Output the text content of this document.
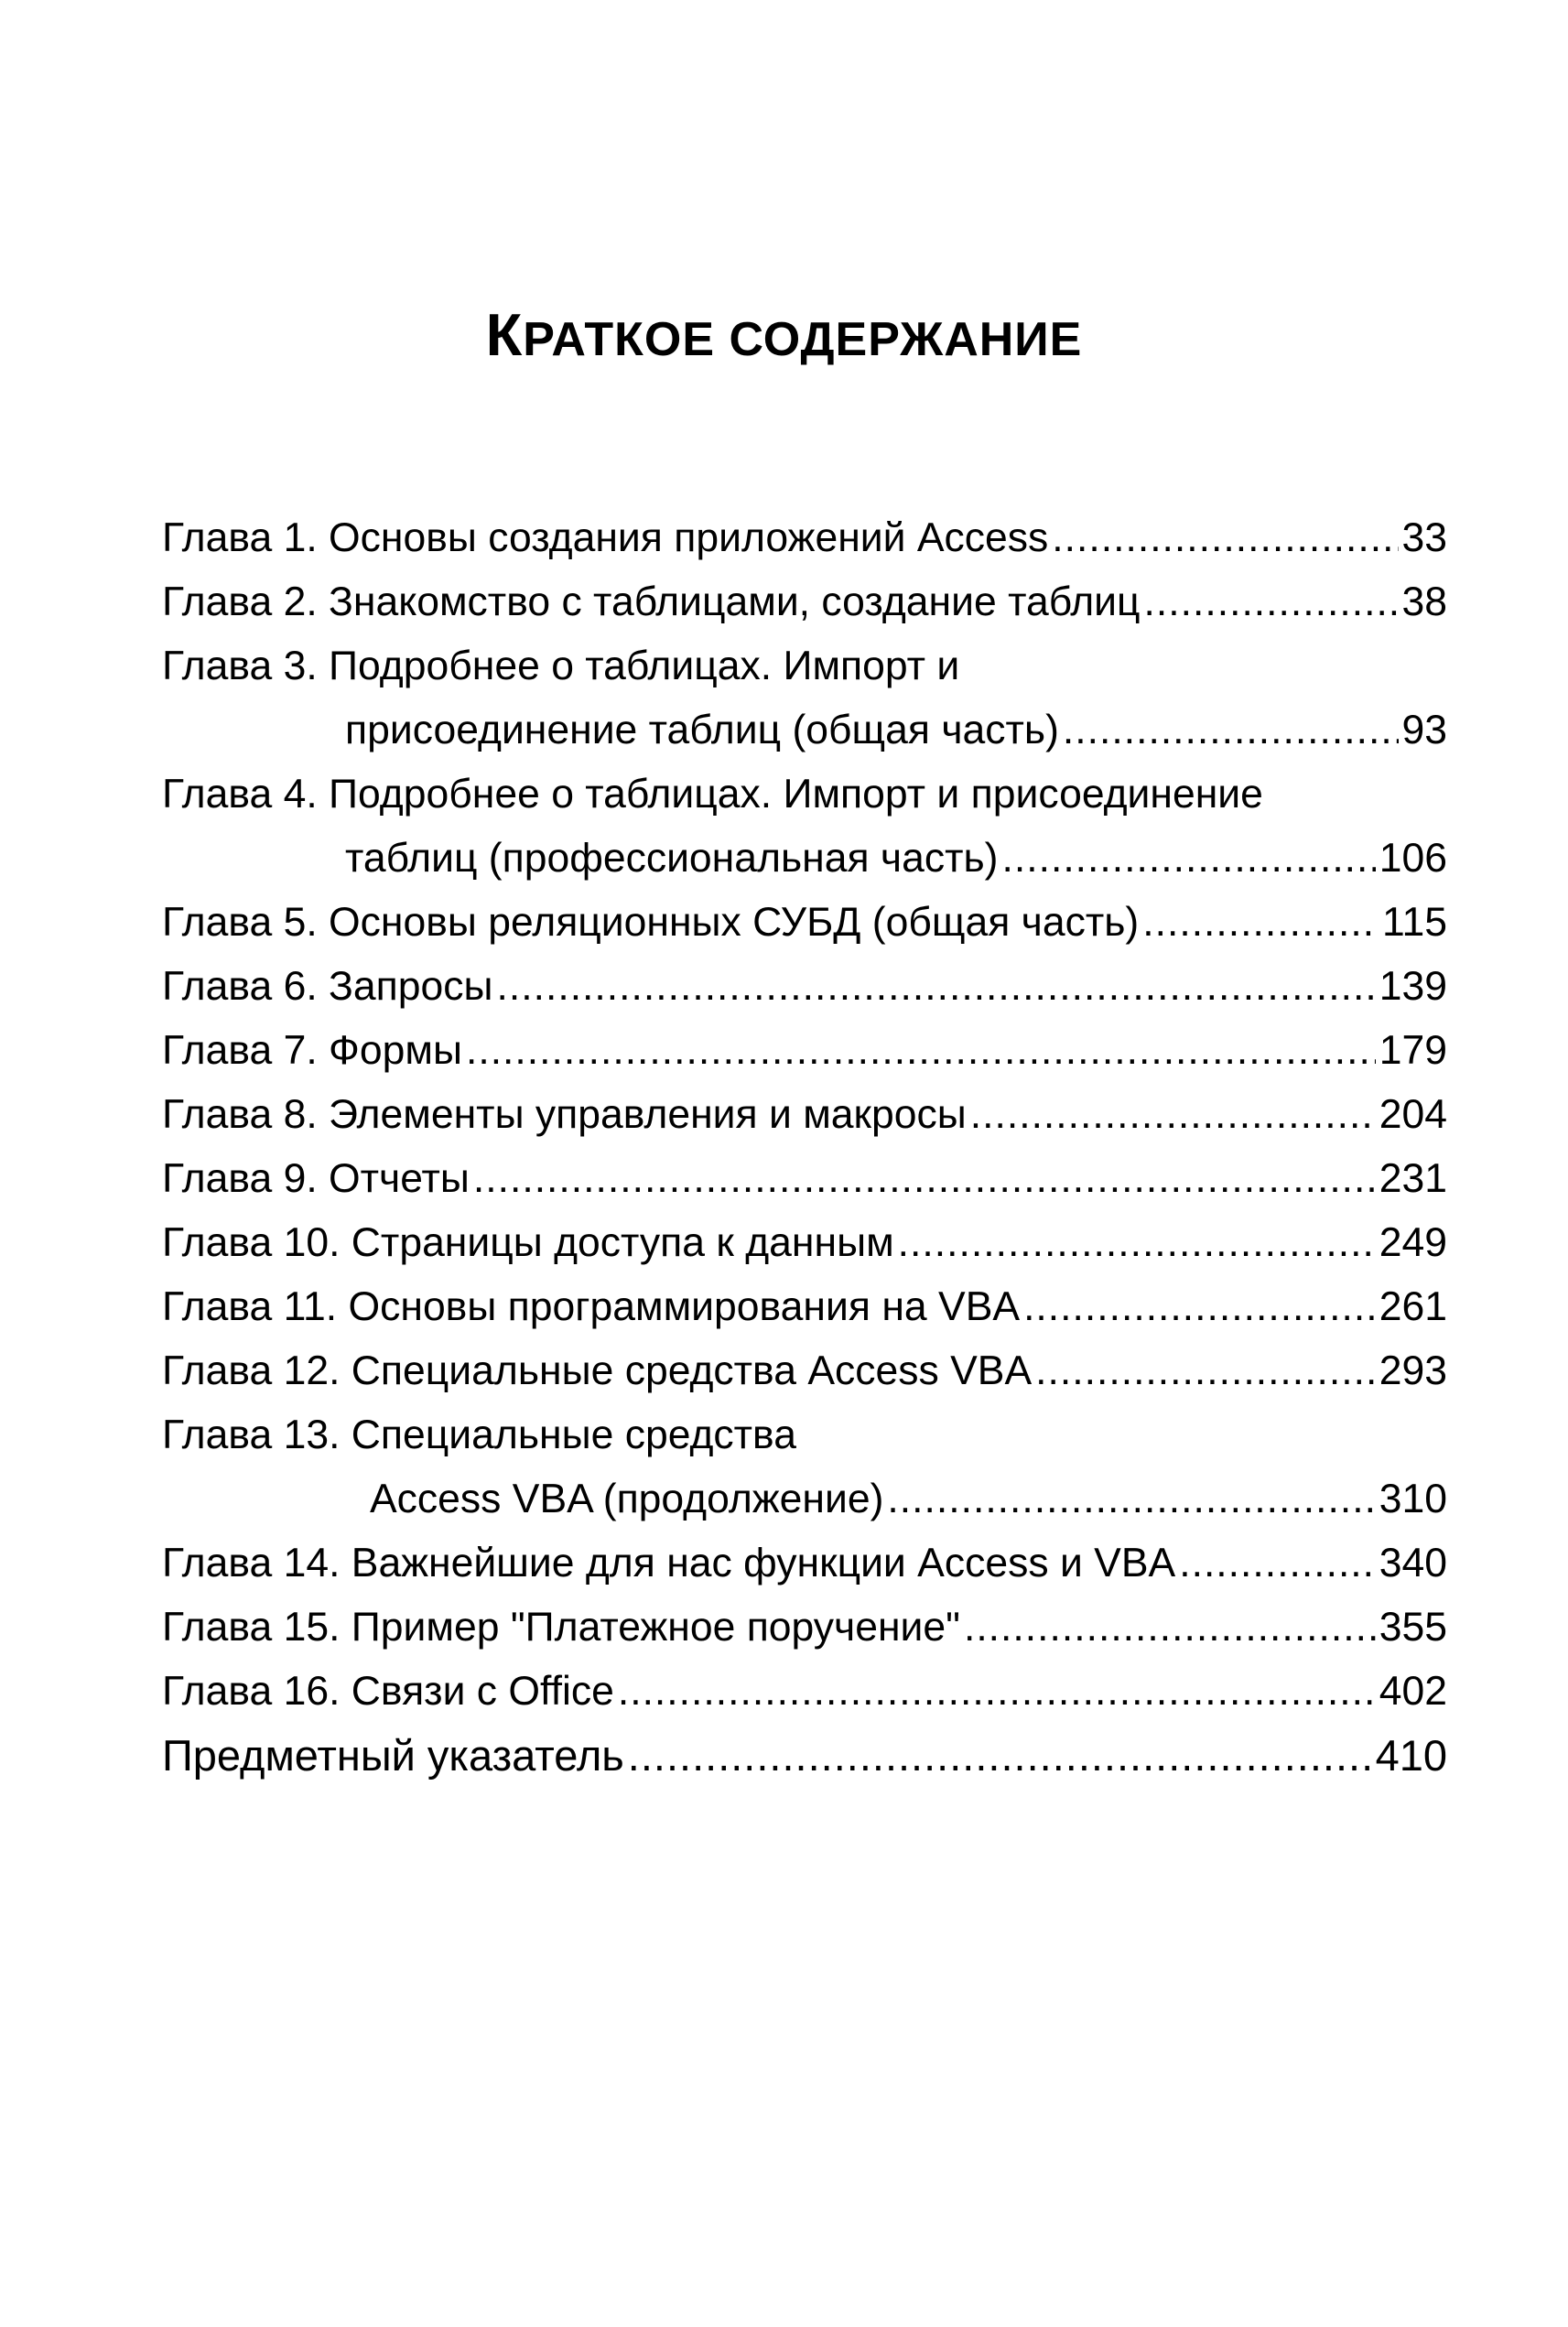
КРАТКОЕ СОДЕРЖАНИЕ
Глава 1. Основы создания приложений Access .....	33
Глава 2. Знакомство с таблицами, создание таблиц .....	38
Глава 3. Подробнее о таблицах. Импорт и
присоединение таблиц (общая часть) .....	93
Глава 4. Подробнее о таблицах. Импорт и присоединение
таблиц (профессиональная часть) .....	106
Глава 5. Основы реляционных СУБД (общая часть) .....	115
Глава 6. Запросы .....	139
Глава 7. Формы .....	179
Глава 8. Элементы управления и макросы .....	204
Глава 9. Отчеты .....	231
Глава 10. Страницы доступа к данным .....	249
Глава 11. Основы программирования на VBA .....	261
Глава 12. Специальные средства Access VBA .....	293
Глава 13. Специальные средства
Access VBA (продолжение) .....	310
Глава 14. Важнейшие для нас функции Access и VBA .....	340
Глава 15. Пример "Платежное поручение" .....	355
Глава 16. Связи с Office .....	402
Предметный указатель .....	410
